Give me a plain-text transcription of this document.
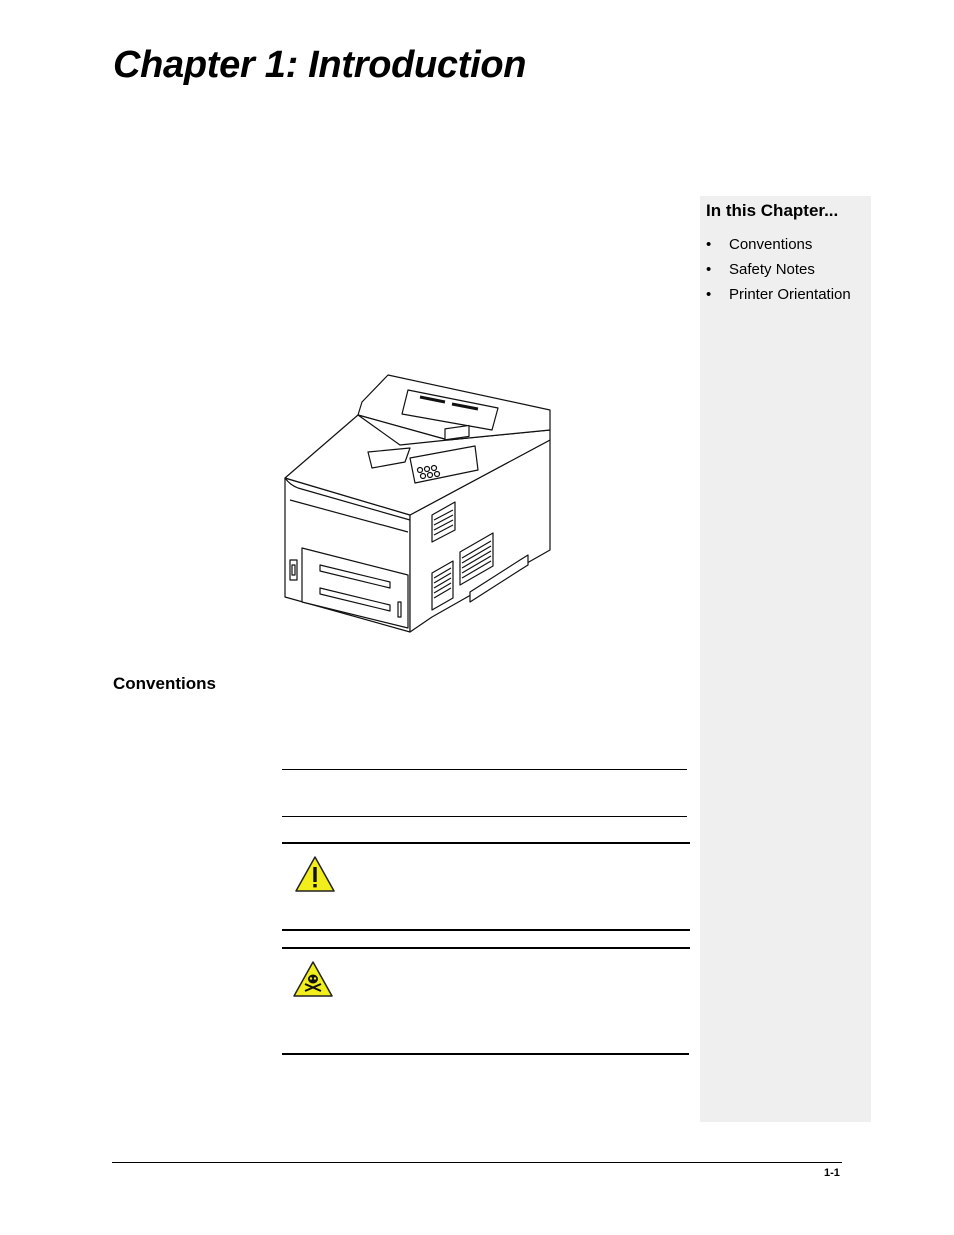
Chapter 1: Introduction
In this Chapter...
• Conventions
• Safety Notes
• Printer Orientation
Conventions
1-1
